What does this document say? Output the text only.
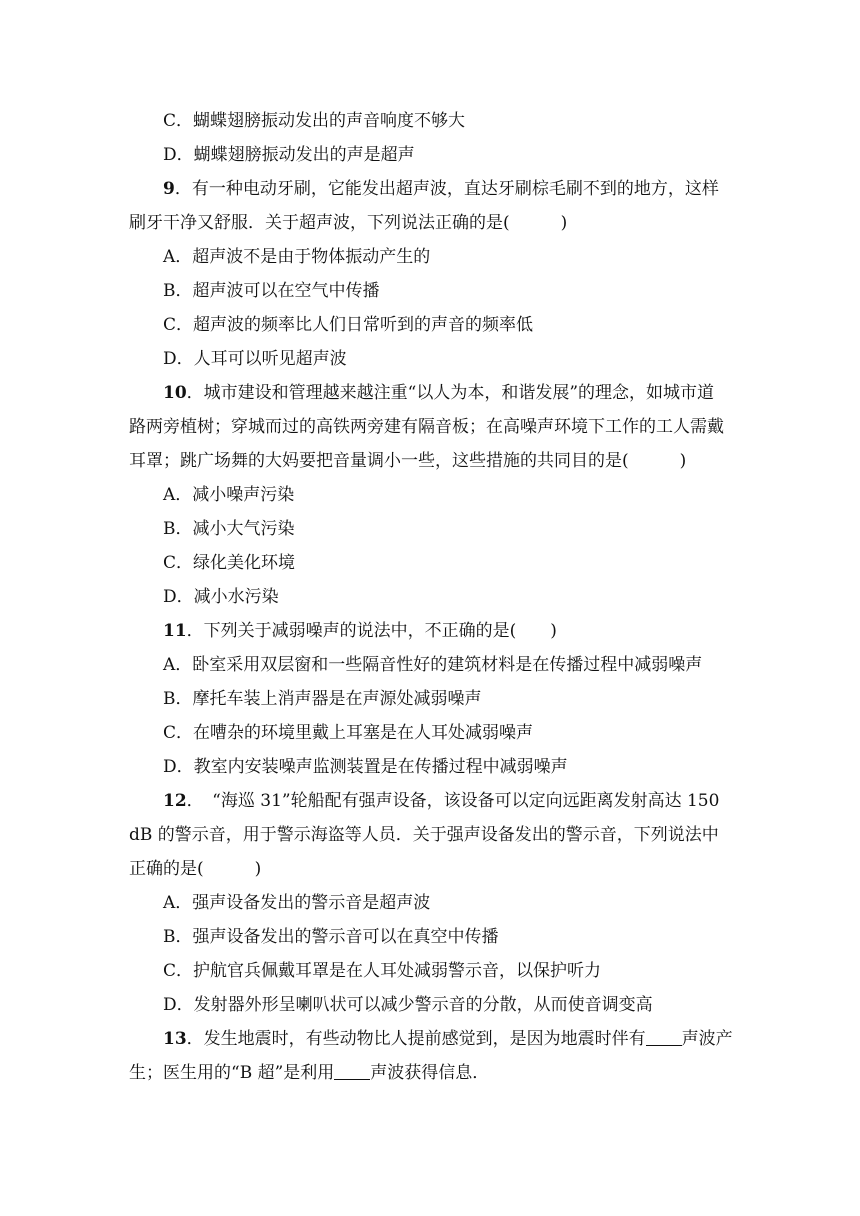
C．蝴蝶翅膀振动发出的声音响度不够大
D．蝴蝶翅膀振动发出的声是超声
9．有一种电动牙刷，它能发出超声波，直达牙刷棕毛刷不到的地方，这样
刷牙干净又舒服．关于超声波，下列说法正确的是(　　　)
A．超声波不是由于物体振动产生的
B．超声波可以在空气中传播
C．超声波的频率比人们日常听到的声音的频率低
D．人耳可以听见超声波
10．城市建设和管理越来越注重“以人为本，和谐发展”的理念，如城市道
路两旁植树；穿城而过的高铁两旁建有隔音板；在高噪声环境下工作的工人需戴
耳罩；跳广场舞的大妈要把音量调小一些，这些措施的共同目的是(　　　)
A．减小噪声污染
B．减小大气污染
C．绿化美化环境
D．减小水污染
11．下列关于减弱噪声的说法中，不正确的是(　　)
A．卧室采用双层窗和一些隔音性好的建筑材料是在传播过程中减弱噪声
B．摩托车装上消声器是在声源处减弱噪声
C．在嘈杂的环境里戴上耳塞是在人耳处减弱噪声
D．教室内安装噪声监测装置是在传播过程中减弱噪声
12．　“海巡 31”轮船配有强声设备，该设备可以定向远距离发射高达 150
dB 的警示音，用于警示海盗等人员．关于强声设备发出的警示音，下列说法中
正确的是(　　　)
A．强声设备发出的警示音是超声波
B．强声设备发出的警示音可以在真空中传播
C．护航官兵佩戴耳罩是在人耳处减弱警示音，以保护听力
D．发射器外形呈喇叭状可以减少警示音的分散，从而使音调变高
13．发生地震时，有些动物比人提前感觉到，是因为地震时伴有 声波产
生；医生用的“B 超”是利用 声波获得信息．
